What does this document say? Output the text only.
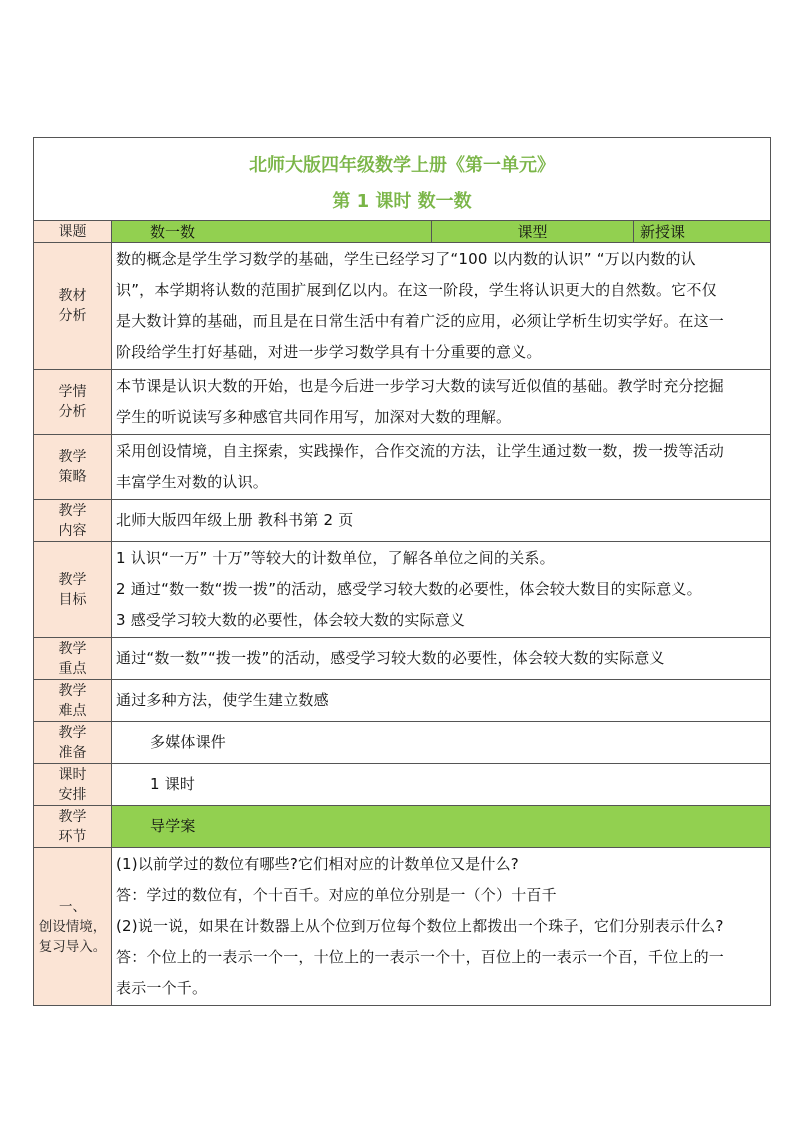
北师大版四年级数学上册《第一单元》
第 1 课时 数一数			

课题	数一数	课型	新授课

教材
分析	数的概念是学生学习数学的基础，学生已经学习了“100 以内数的认识” “万以内数的认
识”，本学期将认数的范围扩展到亿以内。在这一阶段，学生将认识更大的自然数。它不仅
是大数计算的基础，而且是在日常生活中有着广泛的应用，必须让学析生切实学好。在这一
阶段给学生打好基础，对进一步学习数学具有十分重要的意义。		

学情
分析	本节课是认识大数的开始，也是今后进一步学习大数的读写近似值的基础。教学时充分挖掘
学生的听说读写多种感官共同作用写，加深对大数的理解。		

教学
策略	采用创设情境，自主探索，实践操作，合作交流的方法，让学生通过数一数，拨一拨等活动
丰富学生对数的认识。		

教学
内容	北师大版四年级上册 教科书第 2 页		

教学
目标	1 认识“一万” 十万”等较大的计数单位，了解各单位之间的关系。
2 通过“数一数“拨一拨”的活动，感受学习较大数的必要性，体会较大数目的实际意义。
3 感受学习较大数的必要性，体会较大数的实际意义		

教学
重点	通过“数一数”“拨一拨”的活动，感受学习较大数的必要性，体会较大数的实际意义		

教学
难点	通过多种方法，使学生建立数感		

教学
准备	多媒体课件		

课时
安排	1 课时		

教学
环节	导学案		

一、
创设情境，
复习导入。	(1)以前学过的数位有哪些?它们相对应的计数单位又是什么?
答：学过的数位有，个十百千。对应的单位分别是一（个）十百千
(2)说一说，如果在计数器上从个位到万位每个数位上都拨出一个珠子，它们分别表示什么?
答：个位上的一表示一个一，十位上的一表示一个十，百位上的一表示一个百，千位上的一
表示一个千。		
